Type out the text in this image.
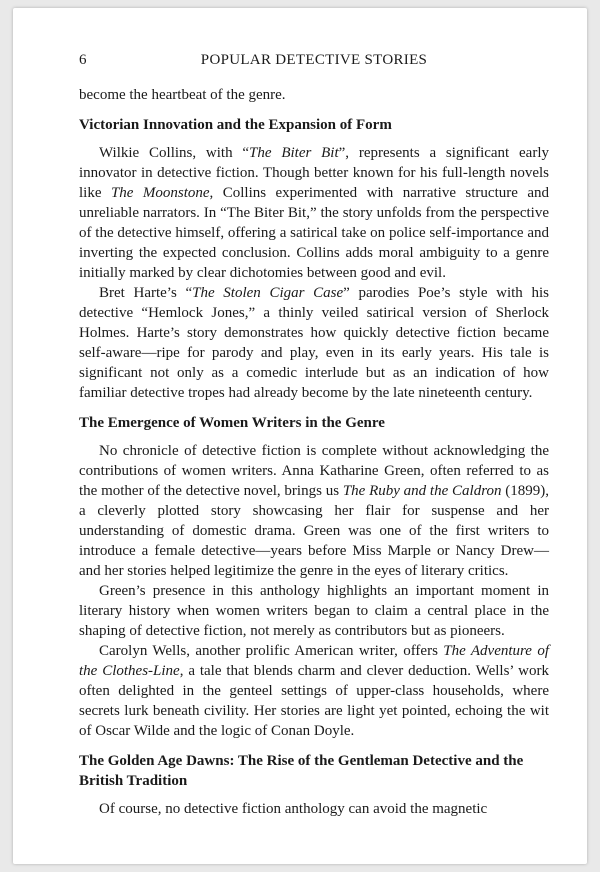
6	POPULAR DETECTIVE STORIES

become the heartbeat of the genre.

Victorian Innovation and the Expansion of Form

Wilkie Collins, with “The Biter Bit”, represents a significant early innovator in detective fiction. Though better known for his full-length novels like The Moonstone, Collins experimented with narrative structure and unreliable narrators. In “The Biter Bit,” the story unfolds from the perspective of the detective himself, offering a satirical take on police self-importance and inverting the expected conclusion. Collins adds moral ambiguity to a genre initially marked by clear dichotomies between good and evil.

Bret Harte’s “The Stolen Cigar Case” parodies Poe’s style with his detective “Hemlock Jones,” a thinly veiled satirical version of Sherlock Holmes. Harte’s story demonstrates how quickly detective fiction became self-aware—ripe for parody and play, even in its early years. His tale is significant not only as a comedic interlude but as an indication of how familiar detective tropes had already become by the late nineteenth century.

The Emergence of Women Writers in the Genre

No chronicle of detective fiction is complete without acknowledging the contributions of women writers. Anna Katharine Green, often referred to as the mother of the detective novel, brings us The Ruby and the Caldron (1899), a cleverly plotted story showcasing her flair for suspense and her understanding of domestic drama. Green was one of the first writers to introduce a female detective—years before Miss Marple or Nancy Drew—and her stories helped legitimize the genre in the eyes of literary critics.

Green’s presence in this anthology highlights an important moment in literary history when women writers began to claim a central place in the shaping of detective fiction, not merely as contributors but as pioneers.

Carolyn Wells, another prolific American writer, offers The Adventure of the Clothes-Line, a tale that blends charm and clever deduction. Wells’ work often delighted in the genteel settings of upper-class households, where secrets lurk beneath civility. Her stories are light yet pointed, echoing the wit of Oscar Wilde and the logic of Conan Doyle.

The Golden Age Dawns: The Rise of the Gentleman Detective and the British Tradition

Of course, no detective fiction anthology can avoid the magnetic
